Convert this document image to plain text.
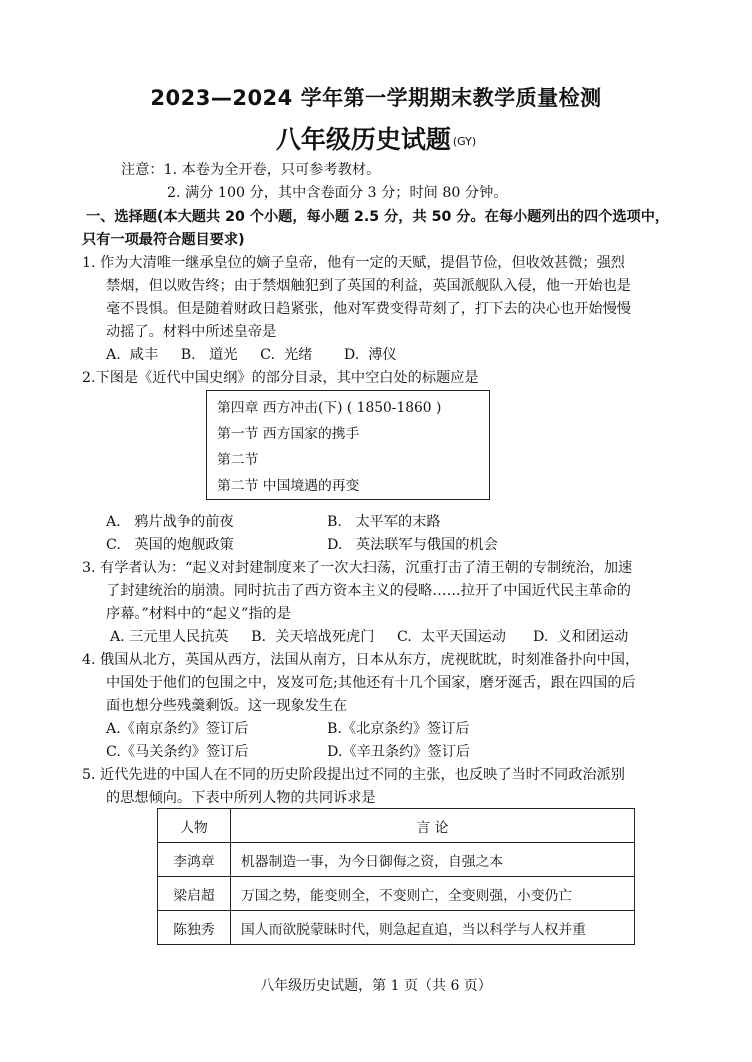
2023—2024 学年第一学期期末教学质量检测
八年级历史试题 (GY)
注意：1. 本卷为全开卷，只可参考教材。
2. 满分 100 分，其中含卷面分 3 分；时间 80 分钟。
一、选择题(本大题共 20 个小题，每小题 2.5 分，共 50 分。在每小题列出的四个选项中，
只有一项最符合题目要求)
1. 作为大清唯一继承皇位的嫡子皇帝，他有一定的天赋，提倡节俭，但收效甚微；强烈
禁烟，但以败告终；由于禁烟触犯到了英国的利益，英国派舰队入侵，他一开始也是
毫不畏惧。但是随着财政日趋紧张，他对军费变得苛刻了，打下去的决心也开始慢慢
动摇了。材料中所述皇帝是
A.  咸丰     B.   道光     C.  光绪       D.  溥仪
2.下图是《近代中国史纲》的部分目录，其中空白处的标题应是
第四章 西方冲击(下) ( 1850-1860 )
第一节 西方国家的携手
第二节
第二节 中国境遇的再变
A.   鸦片战争的前夜	B.   太平军的末路
C.   英国的炮舰政策	D.   英法联军与俄国的机会
3. 有学者认为：“起义对封建制度来了一次大扫荡，沉重打击了清王朝的专制统治，加速
了封建统治的崩溃。同时抗击了西方资本主义的侵略……拉开了中国近代民主革命的
序幕。”材料中的“起义”指的是
A. 三元里人民抗英     B.  关天培战死虎门     C.  太平天国运动      D.  义和团运动
4. 俄国从北方，英国从西方，法国从南方，日本从东方，虎视眈眈，时刻准备扑向中国，
中国处于他们的包围之中，岌岌可危;其他还有十几个国家，磨牙涎舌，跟在四国的后
面也想分些残羹剩饭。这一现象发生在
A.《南京条约》签订后	B.《北京条约》签订后
C.《马关条约》签订后	D.《辛丑条约》签订后
5. 近代先进的中国人在不同的历史阶段提出过不同的主张，也反映了当时不同政治派别
的思想倾向。下表中所列人物的共同诉求是
人物	言 论
李鸿章	机器制造一事，为今日御侮之资，自强之本
梁启超	万国之势，能变则全，不变则亡，全变则强，小变仍亡
陈独秀	国人而欲脱蒙昧时代，则急起直追，当以科学与人权并重
八年级历史试题，第 1 页（共 6 页）
